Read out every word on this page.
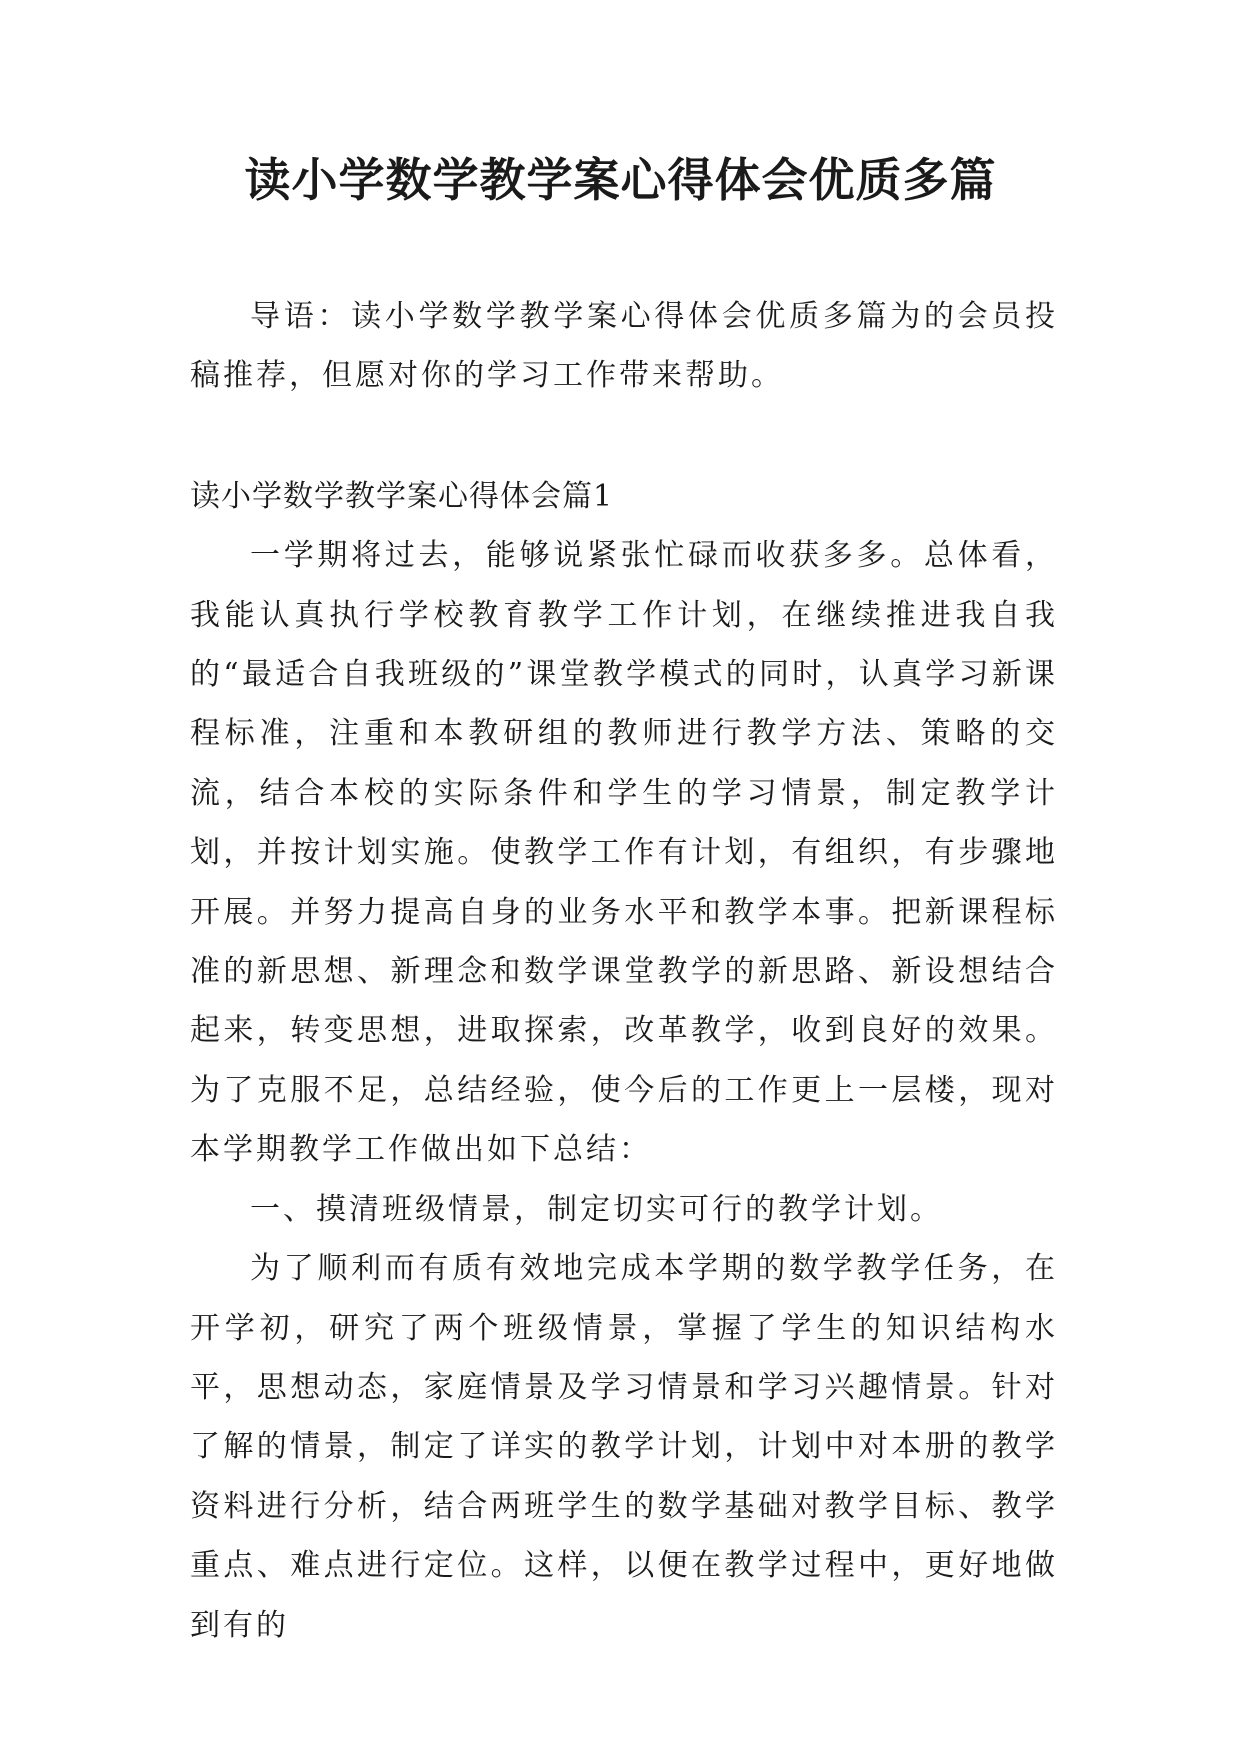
读小学数学教学案心得体会优质多篇

导语：读小学数学教学案心得体会优质多篇为的会员投稿推荐，但愿对你的学习工作带来帮助。

读小学数学教学案心得体会篇1

一学期将过去，能够说紧张忙碌而收获多多。总体看，我能认真执行学校教育教学工作计划，在继续推进我自我的“最适合自我班级的”课堂教学模式的同时，认真学习新课程标准，注重和本教研组的教师进行教学方法、策略的交流，结合本校的实际条件和学生的学习情景，制定教学计划，并按计划实施。使教学工作有计划，有组织，有步骤地开展。并努力提高自身的业务水平和教学本事。把新课程标准的新思想、新理念和数学课堂教学的新思路、新设想结合起来，转变思想，进取探索，改革教学，收到良好的效果。为了克服不足，总结经验，使今后的工作更上一层楼，现对本学期教学工作做出如下总结：

一、摸清班级情景，制定切实可行的教学计划。

为了顺利而有质有效地完成本学期的数学教学任务，在开学初，研究了两个班级情景，掌握了学生的知识结构水平，思想动态，家庭情景及学习情景和学习兴趣情景。针对了解的情景，制定了详实的教学计划，计划中对本册的教学资料进行分析，结合两班学生的数学基础对教学目标、教学重点、难点进行定位。这样，以便在教学过程中，更好地做到有的
